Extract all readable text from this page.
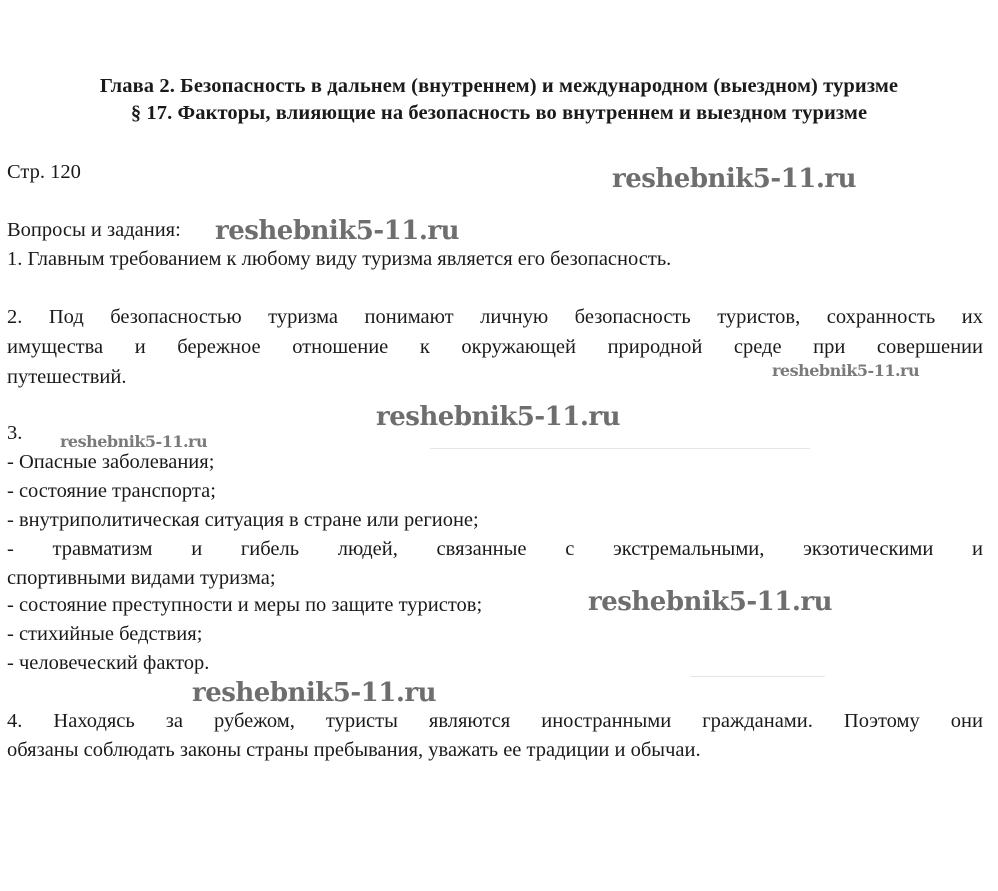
Глава 2. Безопасность в дальнем (внутреннем) и международном (выездном) туризме
§ 17. Факторы, влияющие на безопасность во внутреннем и выездном туризме
Стр. 120
Вопросы и задания:
1. Главным требованием к любому виду туризма является его безопасность.
2. Под безопасностью туризма понимают личную безопасность туристов, сохранность их
имущества и бережное отношение к окружающей природной среде при совершении
путешествий.
3.
- Опасные заболевания;
- состояние транспорта;
- внутриполитическая ситуация в стране или регионе;
- травматизм и гибель людей, связанные с экстремальными, экзотическими и
спортивными видами туризма;
- состояние преступности и меры по защите туристов;
- стихийные бедствия;
- человеческий фактор.
4. Находясь за рубежом, туристы являются иностранными гражданами. Поэтому они
обязаны соблюдать законы страны пребывания, уважать ее традиции и обычаи.
reshebnik5-11.ru
reshebnik5-11.ru
reshebnik5-11.ru
reshebnik5-11.ru
reshebnik5-11.ru
reshebnik5-11.ru
reshebnik5-11.ru
